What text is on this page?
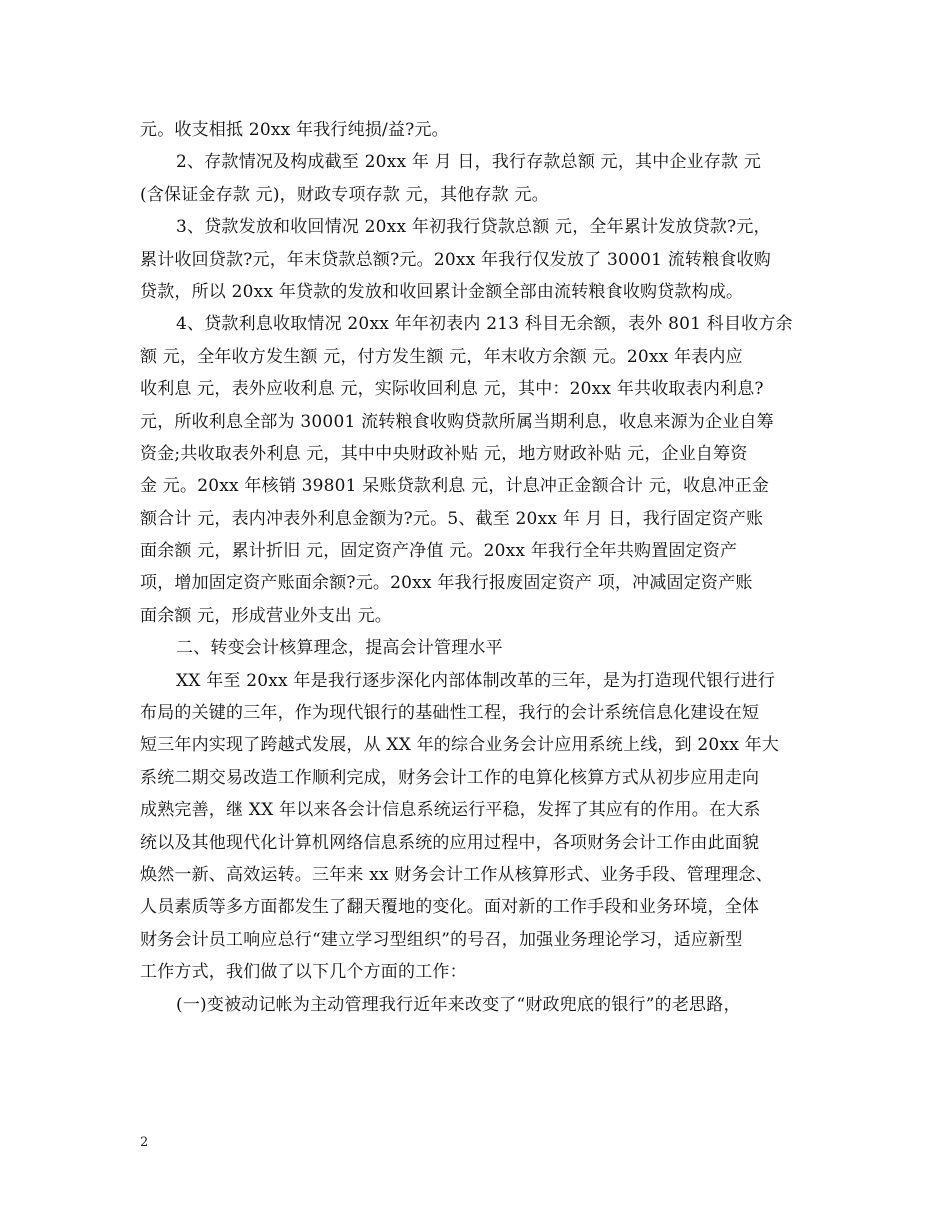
元。收支相抵 20xx 年我行纯损/益?元。
2、存款情况及构成截至 20xx 年 月 日，我行存款总额 元，其中企业存款 元
(含保证金存款 元)，财政专项存款 元，其他存款 元。
3、贷款发放和收回情况 20xx 年初我行贷款总额 元，全年累计发放贷款?元，
累计收回贷款?元，年末贷款总额?元。20xx 年我行仅发放了 30001 流转粮食收购
贷款，所以 20xx 年贷款的发放和收回累计金额全部由流转粮食收购贷款构成。
4、贷款利息收取情况 20xx 年年初表内 213 科目无余额，表外 801 科目收方余
额 元，全年收方发生额 元，付方发生额 元，年末收方余额 元。20xx 年表内应
收利息 元，表外应收利息 元，实际收回利息 元，其中：20xx 年共收取表内利息?
元，所收利息全部为 30001 流转粮食收购贷款所属当期利息，收息来源为企业自筹
资金;共收取表外利息 元，其中中央财政补贴 元，地方财政补贴 元，企业自筹资
金 元。20xx 年核销 39801 呆账贷款利息 元，计息冲正金额合计 元，收息冲正金
额合计 元，表内冲表外利息金额为?元。5、截至 20xx 年 月 日，我行固定资产账
面余额 元，累计折旧 元，固定资产净值 元。20xx 年我行全年共购置固定资产
项，增加固定资产账面余额?元。20xx 年我行报废固定资产 项，冲减固定资产账
面余额 元，形成营业外支出 元。
二、转变会计核算理念，提高会计管理水平
XX 年至 20xx 年是我行逐步深化内部体制改革的三年，是为打造现代银行进行
布局的关键的三年，作为现代银行的基础性工程，我行的会计系统信息化建设在短
短三年内实现了跨越式发展，从 XX 年的综合业务会计应用系统上线，到 20xx 年大
系统二期交易改造工作顺利完成，财务会计工作的电算化核算方式从初步应用走向
成熟完善，继 XX 年以来各会计信息系统运行平稳，发挥了其应有的作用。在大系
统以及其他现代化计算机网络信息系统的应用过程中，各项财务会计工作由此面貌
焕然一新、高效运转。三年来 xx 财务会计工作从核算形式、业务手段、管理理念、
人员素质等多方面都发生了翻天覆地的变化。面对新的工作手段和业务环境，全体
财务会计员工响应总行“建立学习型组织”的号召，加强业务理论学习，适应新型
工作方式，我们做了以下几个方面的工作：
(一)变被动记帐为主动管理我行近年来改变了“财政兜底的银行”的老思路，
2
